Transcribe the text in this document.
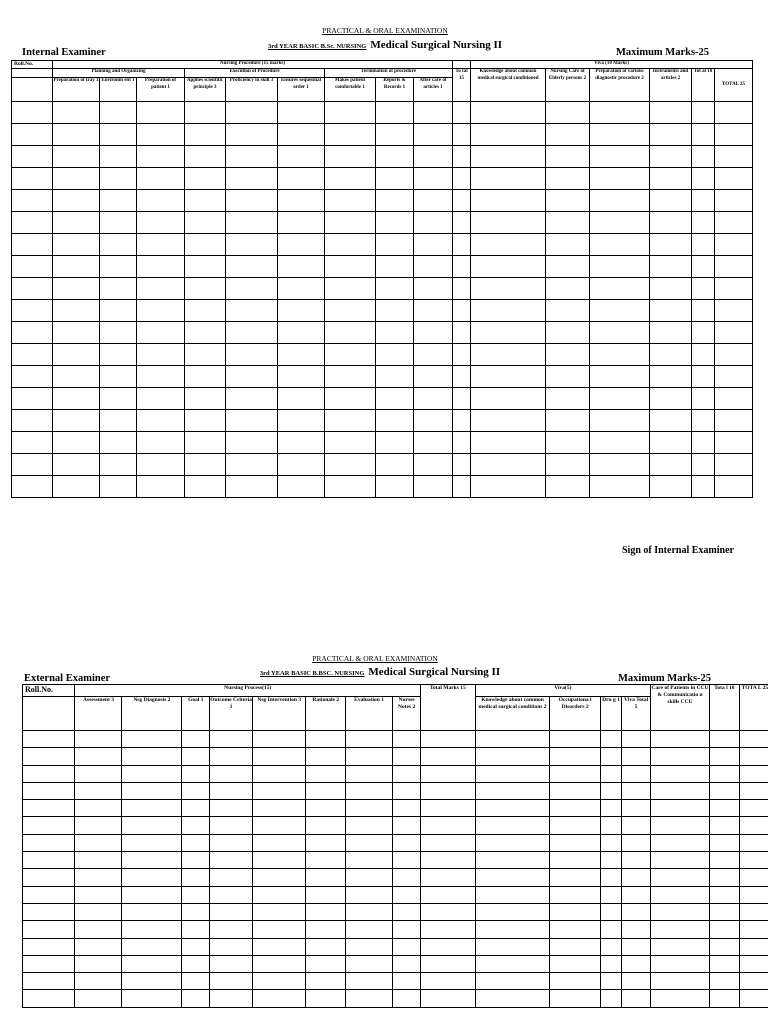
PRACTICAL & ORAL EXAMINATION
3rd YEAR BASIC B.Sc. NURSING Medical Surgical Nursing II
Internal Examiner	Maximum Marks-25
Roll.No.	Nursing Procedure (15 marks)										Viva (10 Marks)					
	Planning and Organizing			Execution of Procedure			Termination of procedure			To tal 15	Knowledge about common medical surgical conditioned	Nursing Care of Elderly persons 2	Preparation of various diagnostic procedure 2	Instruments and articles 2	Tot al 10	TOTAL 25
	Preparation of tray 3	Environm ent 1	Preparation of patient 1	Applies scientific principle 3	Proficiency in skill 3	Ensures sequential order 1	Makes patient comfortable 1	Reports & Records 1	After care of articles 1							

Sign of Internal Examiner
PRACTICAL & ORAL EXAMINATION
3rd YEAR BASIC B.BSC. NURSING Medical Surgical Nursing II
External Examiner	Maximum Marks-25
Roll.No.	Nursing Process(15)								Total Marks 15	Viva(5)				Care of Patients in CCU & Communicatio n skills CCU	Tota l 10	TOTA L 25
	Assessment 3	Nsg Diagnosis 2	Goal 1	Outcome Criteria 1	Nsg Intervention 3	Rationale 2	Evaluation 1	Nurses Notes 2		Knowledge about common medical surgical conditions 2	Occupationa l Disorders 2	Dru g 1	Viva Total 5			
